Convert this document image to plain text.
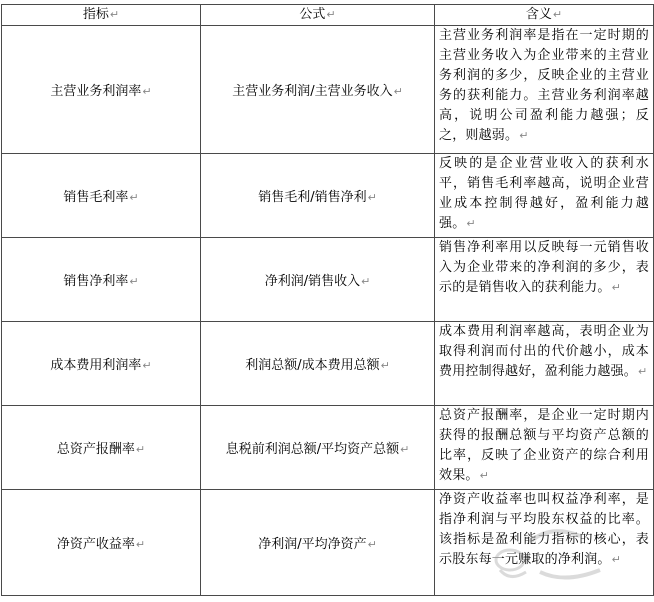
指标↵	公式↵	含义↵
主营业务利润率↵	主营业务利润/主营业务收入↵	主营业务利润率是指在一定时期的主营业务收入为企业带来的主营业务利润的多少，反映企业的主营业务的获利能力。主营业务利润率越高，说明公司盈利能力越强；反之，则越弱。↵
销售毛利率↵	销售毛利/销售净利↵	反映的是企业营业收入的获利水平，销售毛利率越高，说明企业营业成本控制得越好，盈利能力越强。↵
销售净利率↵	净利润/销售收入↵	销售净利率用以反映每一元销售收入为企业带来的净利润的多少，表示的是销售收入的获利能力。↵
成本费用利润率↵	利润总额/成本费用总额↵	成本费用利润率越高，表明企业为取得利润而付出的代价越小，成本费用控制得越好，盈利能力越强。↵
总资产报酬率↵	息税前利润总额/平均资产总额↵	总资产报酬率，是企业一定时期内获得的报酬总额与平均资产总额的比率，反映了企业资产的综合利用效果。↵
净资产收益率↵	净利润/平均净资产↵	净资产收益率也叫权益净利率，是指净利润与平均股东权益的比率。该指标是盈利能力指标的核心，表示股东每一元赚取的净利润。↵
